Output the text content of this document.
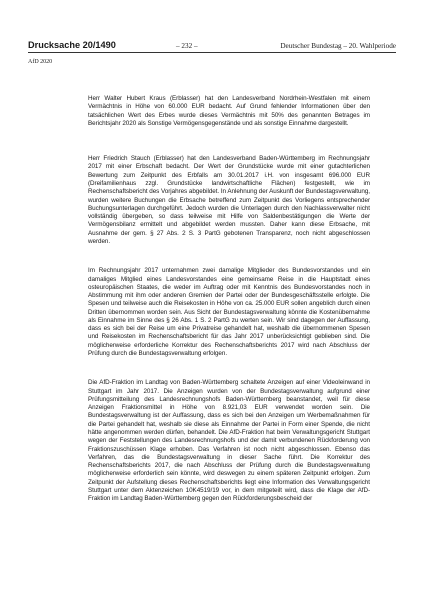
Drucksache 20/1490	– 232 –	Deutscher Bundestag – 20. Wahlperiode
AfD 2020

Herr Walter Hubert Kraus (Erblasser) hat den Landesverband Nordrhein-Westfalen mit einem Vermächtnis in Höhe von 60.000 EUR bedacht. Auf Grund fehlender Informationen über den tatsächlichen Wert des Erbes wurde dieses Vermächtnis mit 50% des genannten Betrages im Berichtsjahr 2020 als Sonstige Vermögensgegenstände und als sonstige Einnahme dargestellt.

Herr Friedrich Stauch (Erblasser) hat den Landesverband Baden-Württemberg im Rechnungsjahr 2017 mit einer Erbschaft bedacht. Der Wert der Grundstücke wurde mit einer gutachterlichen Bewertung zum Zeitpunkt des Erbfalls am 30.01.2017 i.H. von insgesamt 696.000 EUR (Dreifamilienhaus zzgl. Grundstücke landwirtschaftliche Flächen) festgestellt, wie im Rechenschaftsbericht des Vorjahres abgebildet. In Anlehnung der Auskunft der Bundestagsverwaltung, wurden weitere Buchungen die Erbsache betreffend zum Zeitpunkt des Vorliegens entsprechender Buchungsunterlagen durchgeführt. Jedoch wurden die Unterlagen durch den Nachlassverwalter nicht vollständig übergeben, so dass teilweise mit Hilfe von Saldenbestätigungen die Werte der Vermögensbilanz ermittelt und abgebildet werden mussten. Daher kann diese Erbsache, mit Ausnahme der gem. § 27 Abs. 2 S. 3 PartG gebotenen Transparenz, noch nicht abgeschlossen werden.

Im Rechnungsjahr 2017 unternahmen zwei damalige Mitglieder des Bundesvorstandes und ein damaliges Mitglied eines Landesvorstandes eine gemeinsame Reise in die Hauptstadt eines osteuropäischen Staates, die weder im Auftrag oder mit Kenntnis des Bundesvorstandes noch in Abstimmung mit ihm oder anderen Gremien der Partei oder der Bundesgeschäftsstelle erfolgte. Die Spesen und teilweise auch die Reisekosten in Höhe von ca. 25.000 EUR sollen angeblich durch einen Dritten übernommen worden sein. Aus Sicht der Bundestagsverwaltung könnte die Kostenübernahme als Einnahme im Sinne des § 26 Abs. 1 S. 2 PartG zu werten sein. Wir sind dagegen der Auffassung, dass es sich bei der Reise um eine Privatreise gehandelt hat, weshalb die übernommenen Spesen und Reisekosten im Rechenschaftsbericht für das Jahr 2017 unberücksichtigt geblieben sind. Die möglicherweise erforderliche Korrektur des Rechenschaftsberichts 2017 wird nach Abschluss der Prüfung durch die Bundestagsverwaltung erfolgen.

Die AfD-Fraktion im Landtag von Baden-Württemberg schaltete Anzeigen auf einer Videoleinwand in Stuttgart im Jahr 2017. Die Anzeigen wurden von der Bundestagsverwaltung aufgrund einer Prüfungsmitteilung des Landesrechnungshofs Baden-Württemberg beanstandet, weil für diese Anzeigen Fraktionsmittel in Höhe von 8.921,03 EUR verwendet worden sein. Die Bundestagsverwaltung ist der Auffassung, dass es sich bei den Anzeigen um Werbemaßnahmen für die Partei gehandelt hat, weshalb sie diese als Einnahme der Partei in Form einer Spende, die nicht hätte angenommen werden dürfen, behandelt. Die AfD-Fraktion hat beim Verwaltungsgericht Stuttgart wegen der Feststellungen des Landesrechnungshofs und der damit verbundenen Rückforderung von Fraktionszuschüssen Klage erhoben. Das Verfahren ist noch nicht abgeschlossen. Ebenso das Verfahren, das die Bundestagsverwaltung in dieser Sache führt. Die Korrektur des Rechenschaftsberichts 2017, die nach Abschluss der Prüfung durch die Bundestagsverwaltung möglicherweise erforderlich sein könnte, wird deswegen zu einem späteren Zeitpunkt erfolgen. Zum Zeitpunkt der Aufstellung dieses Rechenschaftsberichts liegt eine Information des Verwaltungsgericht Stuttgart unter dem Aktenzeichen 10K4519/19 vor, in dem mitgeteilt wird, dass die Klage der AfD-Fraktion im Landtag Baden-Württemberg gegen den Rückforderungsbescheid der
